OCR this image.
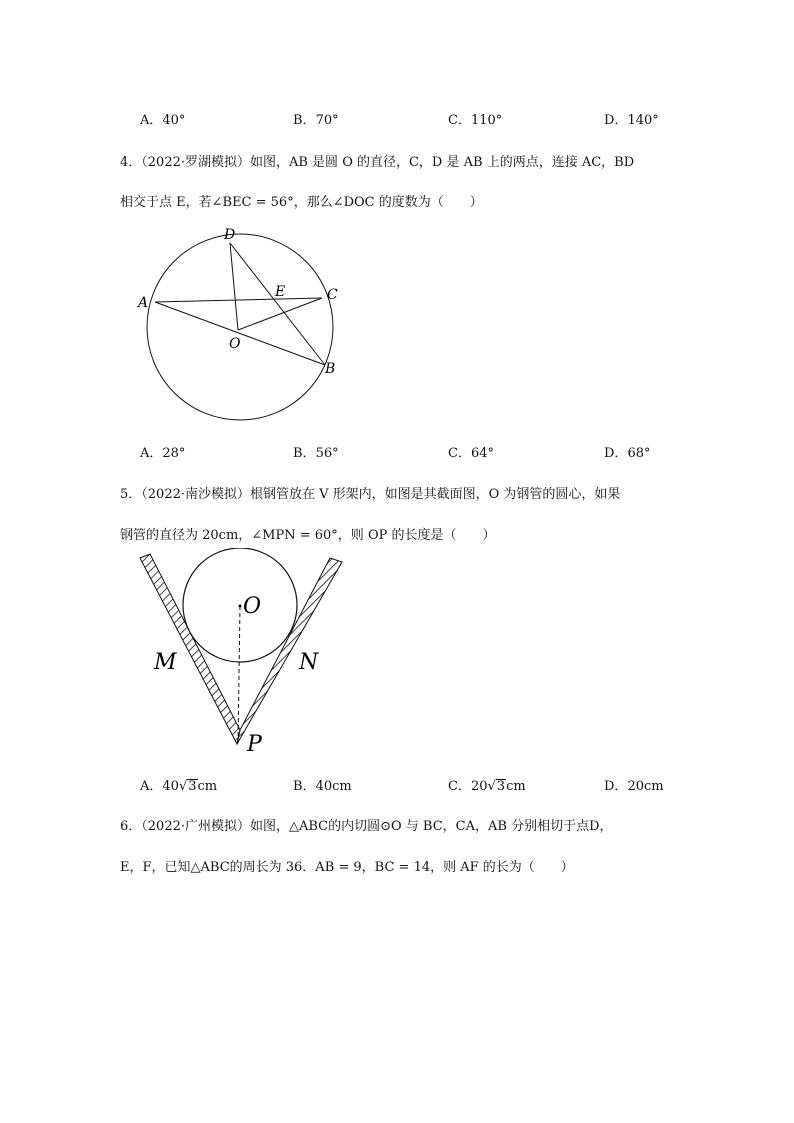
A．40°	B．70°	C．110°	D．140°
4．（2022·罗湖模拟）如图，AB 是圆 O 的直径，C，D 是 AB 上的两点，连接 AC，BD
相交于点 E，若∠BEC = 56°，那么∠DOC 的度数为（　　）
D
A
E	C
O
B
A．28°	B．56°	C．64°	D．68°
5．（2022·南沙模拟）根钢管放在 V 形架内，如图是其截面图，O 为钢管的圆心，如果
钢管的直径为 20cm，∠MPN = 60°，则 OP 的长度是（　　）
O
M	N
P
A．40√3cm	B．40cm	C．20√3cm	D．20cm
6．（2022·广州模拟）如图，△ABC的内切圆⊙O 与 BC，CA，AB 分别相切于点D，
E，F，已知△ABC的周长为 36．AB = 9，BC = 14，则 AF 的长为（　　）
